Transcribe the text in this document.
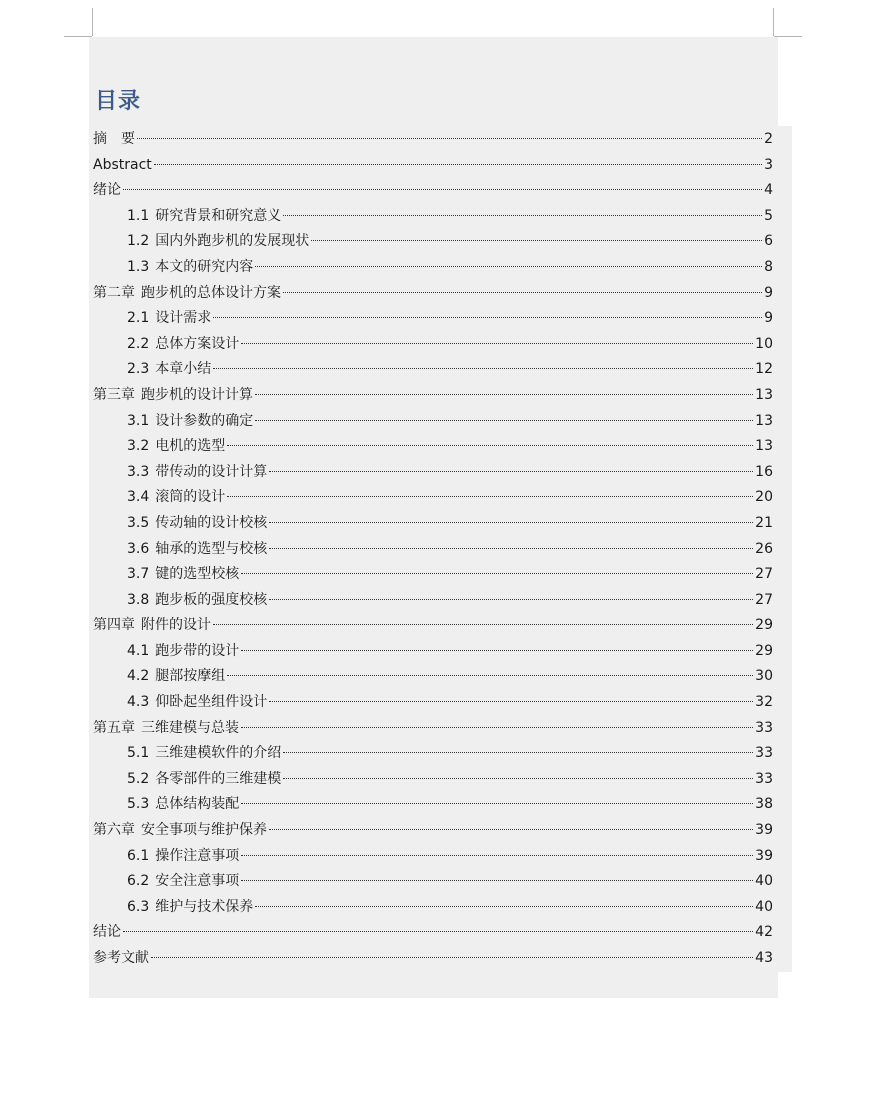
目录
摘　要	2
Abstract	3
绪论	4
1.1 研究背景和研究意义	5
1.2 国内外跑步机的发展现状	6
1.3 本文的研究内容	8
第二章 跑步机的总体设计方案	9
2.1 设计需求	9
2.2 总体方案设计	10
2.3 本章小结	12
第三章 跑步机的设计计算	13
3.1 设计参数的确定	13
3.2 电机的选型	13
3.3 带传动的设计计算	16
3.4 滚筒的设计	20
3.5 传动轴的设计校核	21
3.6 轴承的选型与校核	26
3.7 键的选型校核	27
3.8 跑步板的强度校核	27
第四章 附件的设计	29
4.1 跑步带的设计	29
4.2 腿部按摩组	30
4.3 仰卧起坐组件设计	32
第五章 三维建模与总装	33
5.1 三维建模软件的介绍	33
5.2 各零部件的三维建模	33
5.3 总体结构装配	38
第六章 安全事项与维护保养	39
6.1 操作注意事项	39
6.2 安全注意事项	40
6.3 维护与技术保养	40
结论	42
参考文献	43
